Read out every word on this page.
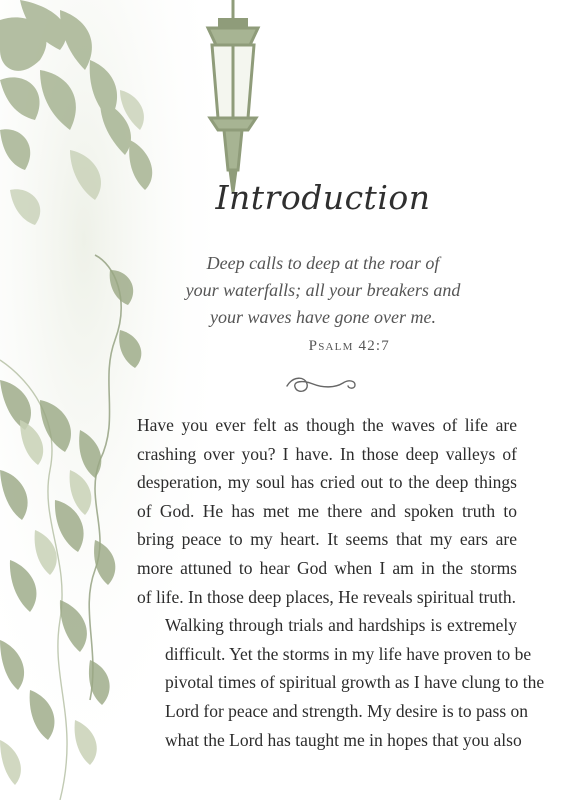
Introduction
Deep calls to deep at the roar of
your waterfalls; all your breakers and
your waves have gone over me.
Psalm 42:7

Have you ever felt as though the waves of life are
crashing over you? I have. In those deep valleys of
desperation, my soul has cried out to the deep things
of God. He has met me there and spoken truth to
bring peace to my heart. It seems that my ears are
more attuned to hear God when I am in the storms
of life. In those deep places, He reveals spiritual truth.

Walking through trials and hardships is extremely
difficult. Yet the storms in my life have proven to be
pivotal times of spiritual growth as I have clung to the
Lord for peace and strength. My desire is to pass on
what the Lord has taught me in hopes that you also
